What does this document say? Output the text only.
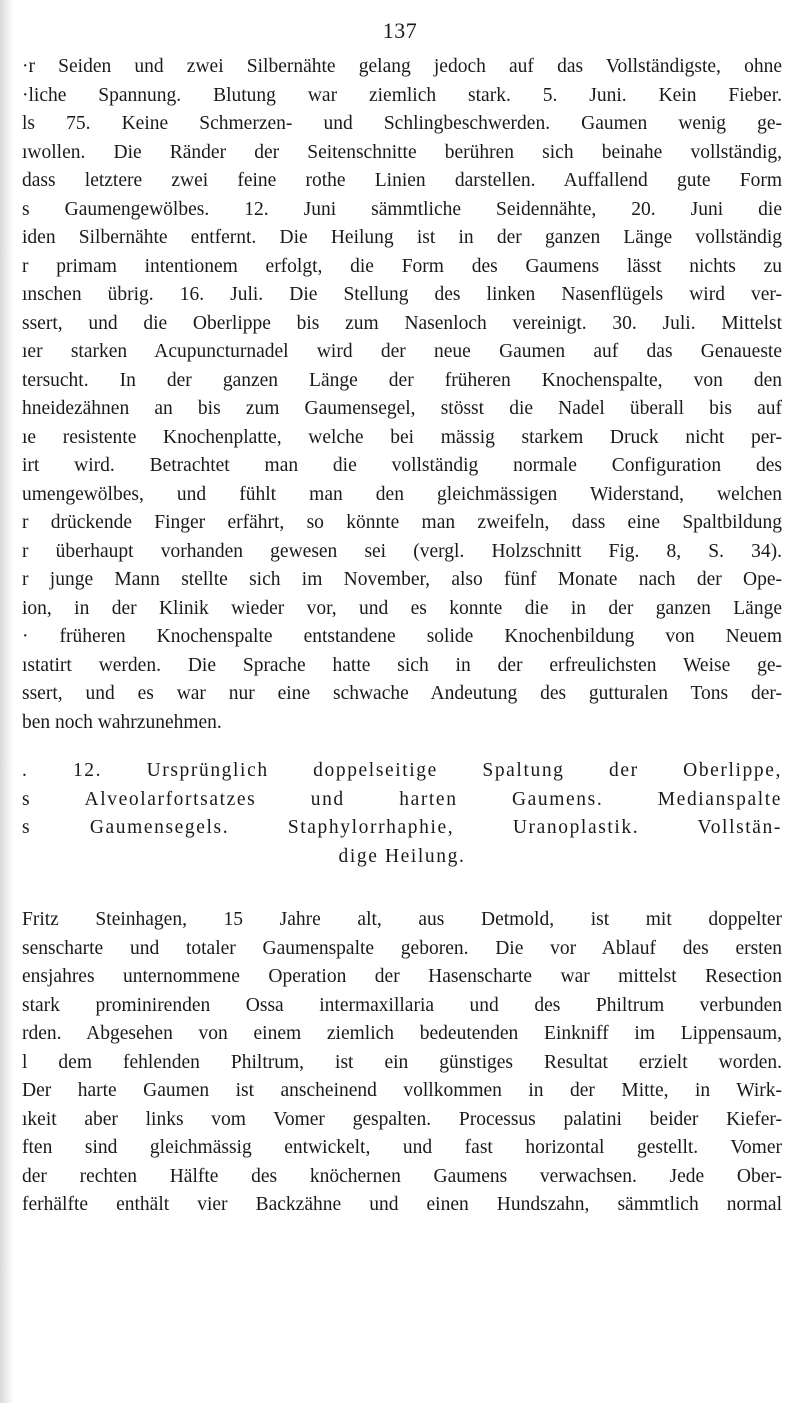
137
·r Seiden und zwei Silbernähte gelang jedoch auf das Vollständigste, ohne
·liche Spannung. Blutung war ziemlich stark. 5. Juni. Kein Fieber.
ls 75. Keine Schmerzen- und Schlingbeschwerden. Gaumen wenig ge-
ıwollen. Die Ränder der Seitenschnitte berühren sich beinahe vollständig,
dass letztere zwei feine rothe Linien darstellen. Auffallend gute Form
s Gaumengewölbes. 12. Juni sämmtliche Seidennähte, 20. Juni die
iden Silbernähte entfernt. Die Heilung ist in der ganzen Länge vollständig
r primam intentionem erfolgt, die Form des Gaumens lässt nichts zu
ınschen übrig. 16. Juli. Die Stellung des linken Nasenflügels wird ver-
ssert, und die Oberlippe bis zum Nasenloch vereinigt. 30. Juli. Mittelst
ıer starken Acupuncturnadel wird der neue Gaumen auf das Genaueste
tersucht. In der ganzen Länge der früheren Knochenspalte, von den
hneidezähnen an bis zum Gaumensegel, stösst die Nadel überall bis auf
ıe resistente Knochenplatte, welche bei mässig starkem Druck nicht per-
irt wird. Betrachtet man die vollständig normale Configuration des
umengewölbes, und fühlt man den gleichmässigen Widerstand, welchen
r drückende Finger erfährt, so könnte man zweifeln, dass eine Spaltbildung
r überhaupt vorhanden gewesen sei (vergl. Holzschnitt Fig. 8, S. 34).
r junge Mann stellte sich im November, also fünf Monate nach der Ope-
ion, in der Klinik wieder vor, und es konnte die in der ganzen Länge
· früheren Knochenspalte entstandene solide Knochenbildung von Neuem
ıstatirt werden. Die Sprache hatte sich in der erfreulichsten Weise ge-
ssert, und es war nur eine schwache Andeutung des gutturalen Tons der-
ben noch wahrzunehmen.
. 12. Ursprünglich doppelseitige Spaltung der Oberlippe,
s Alveolarfortsatzes und harten Gaumens. Medianspalte
s Gaumensegels. Staphylorrhaphie, Uranoplastik. Vollstän-
dige Heilung.
Fritz Steinhagen, 15 Jahre alt, aus Detmold, ist mit doppelter
senscharte und totaler Gaumenspalte geboren. Die vor Ablauf des ersten
ensjahres unternommene Operation der Hasenscharte war mittelst Resection
stark prominirenden Ossa intermaxillaria und des Philtrum verbunden
rden. Abgesehen von einem ziemlich bedeutenden Einkniff im Lippensaum,
l dem fehlenden Philtrum, ist ein günstiges Resultat erzielt worden.
Der harte Gaumen ist anscheinend vollkommen in der Mitte, in Wirk-
ıkeit aber links vom Vomer gespalten. Processus palatini beider Kiefer-
ften sind gleichmässig entwickelt, und fast horizontal gestellt. Vomer
der rechten Hälfte des knöchernen Gaumens verwachsen. Jede Ober-
ferhälfte enthält vier Backzähne und einen Hundszahn, sämmtlich normal
